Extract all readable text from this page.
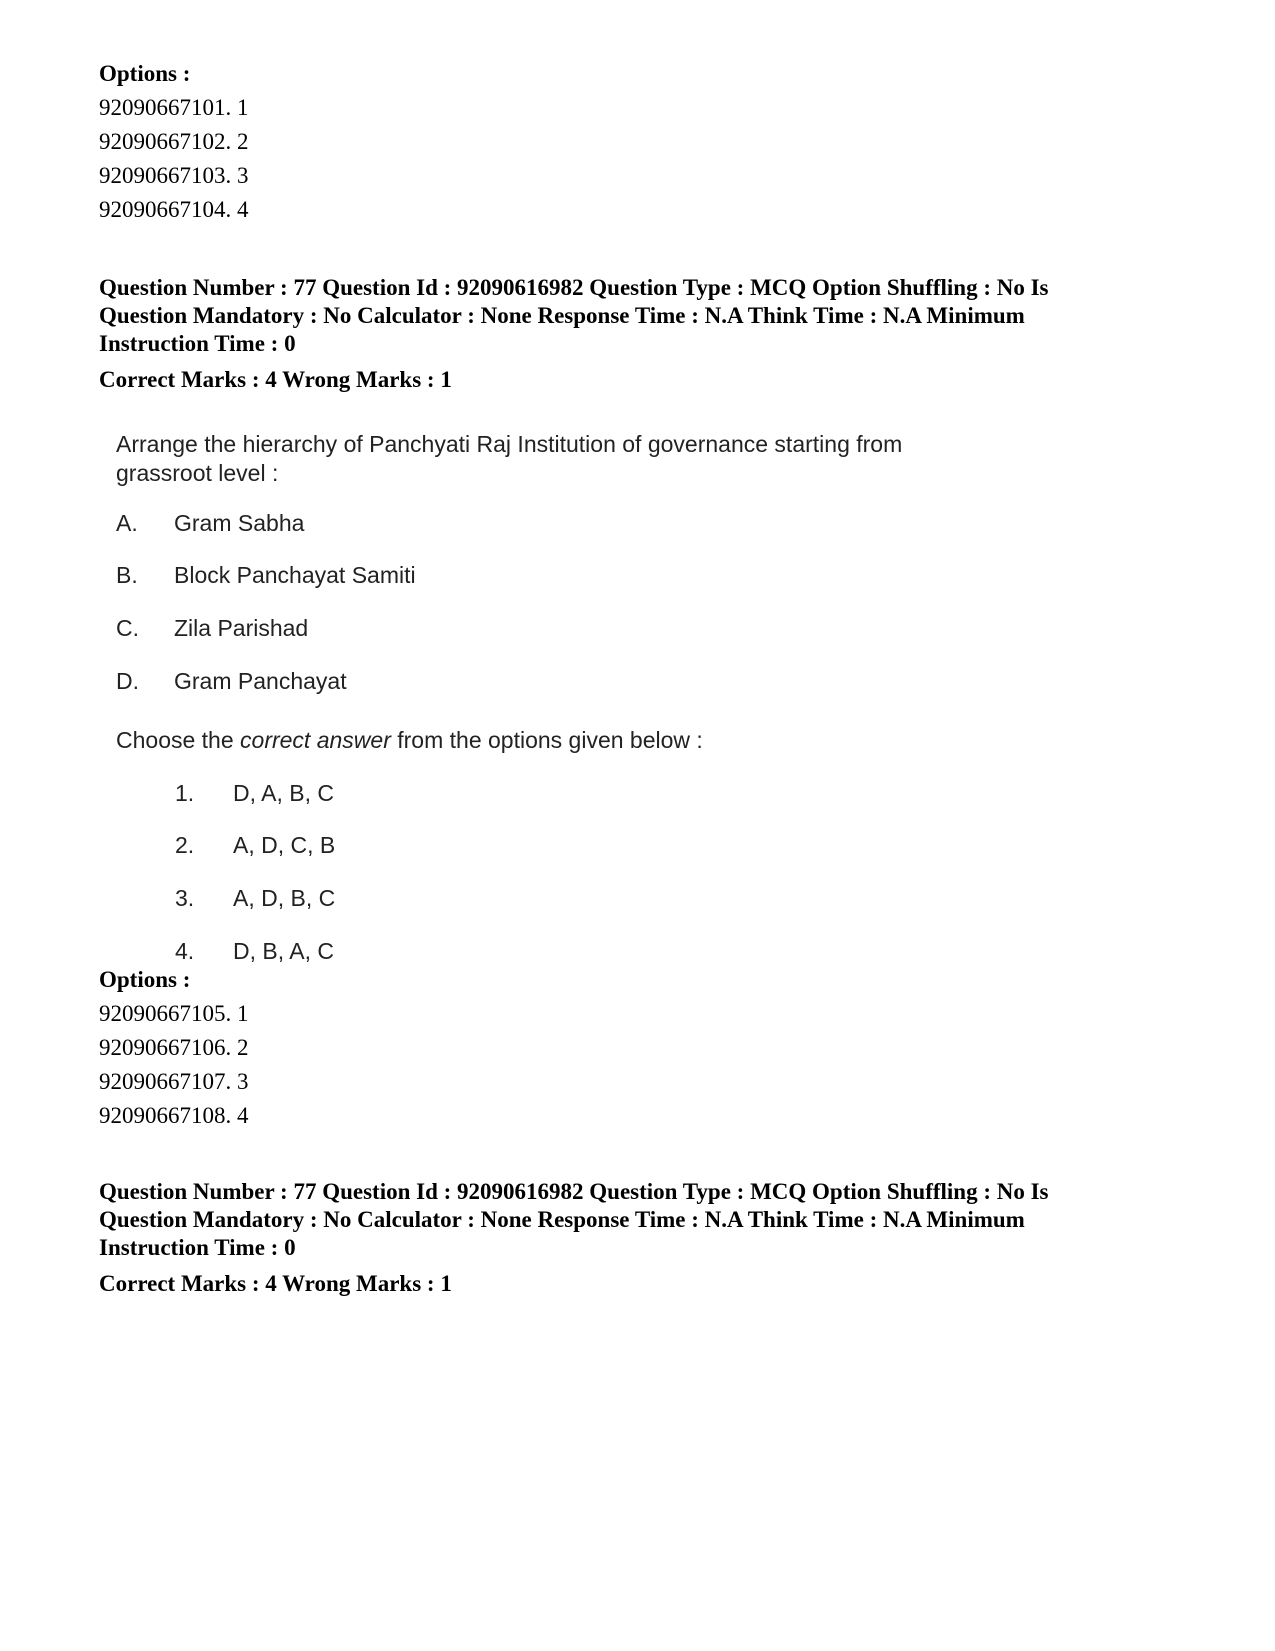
Options :
92090667101. 1
92090667102. 2
92090667103. 3
92090667104. 4
Question Number : 77 Question Id : 92090616982 Question Type : MCQ Option Shuffling : No Is
Question Mandatory : No Calculator : None Response Time : N.A Think Time : N.A Minimum
Instruction Time : 0
Correct Marks : 4 Wrong Marks : 1
Arrange the hierarchy of Panchyati Raj Institution of governance starting from
grassroot level :
A. Gram Sabha
B. Block Panchayat Samiti
C. Zila Parishad
D. Gram Panchayat
Choose the correct answer from the options given below :
1. D, A, B, C
2. A, D, C, B
3. A, D, B, C
4. D, B, A, C
Options :
92090667105. 1
92090667106. 2
92090667107. 3
92090667108. 4
Question Number : 77 Question Id : 92090616982 Question Type : MCQ Option Shuffling : No Is
Question Mandatory : No Calculator : None Response Time : N.A Think Time : N.A Minimum
Instruction Time : 0
Correct Marks : 4 Wrong Marks : 1
